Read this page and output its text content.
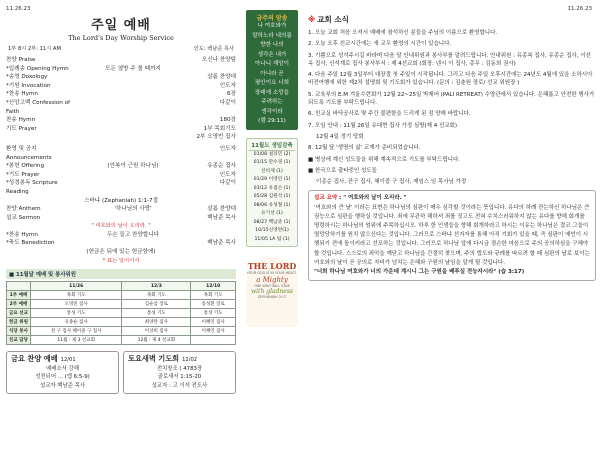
11.26.23
주일 예배
The Lord's Day Worship Service
1부 8시 2부: 11시 AM	인도: 백남준 목사
찬양 Praise	오신나 찬양팀
*입례송 Opening Hymn	모든 열방 주 볼 때까지
*송영 Doxology	살롬 찬양대
*기원 Invocation	인도자
*찬송 Hymn	6장
*신앙고백 Confession of Faith
다같이
찬송 Hymn	180장
기도 Prayer	1부 목회기도
2부 오영빈 집사
환영 및 공지 Announcements
인도자
*봉헌 Offering	(안복이 근원 하나님)	유종순 집사
*기도 Prayer	인도자
*성경봉독 Scripture Reading
다같이
스바냐 (Zephaniah) 1:1-7절
찬양 Anthem	'하나님의 사랑'	살롬 찬양대
설교 Sermon	백남준 목사
" 여호와의 날이 오리라. "
*찬송 Hymn	두손 들고 찬양합니다
*축도 Benediction	백남준 목사
(헌금은 뒤에 있는 헌금함에)
* 표는 일어서서
■ 11월달 예배 및 봉사위원
	11/26	12/3	12/10
1부 예배	목회 기도	목회 기도	목회 기도
2부 예배	오영빈 집사	김순삼 장로	송성환 장로
금요 선교	통성 기도	통성 기도	통성 기도
헌금 위원	유종순 집사	최양란 집사	이혜연 집사
식당 봉사	전 구 집사 혜이즐 구 집사	이상희 집사	이혜연 집사
친교 담당	11월 : 제 3 선교회	12월 : 제 4 선교회	
금요 찬양 예배 12/01
예배소서 강해
성전되어 ... (엡 6:5-9)
설교자 백남준 목사
토요새벽 기도회 12/02
전치창조 ( 4783장
골로새서 1:15-20
설교자 : 고 이석 전도사
금주의 암송

나 여호와가
말하노라 내의롭
향한 나의
생각은 내가
아나니 재앙이
아니라 곧
평안이요 너희
장래에 소망을
주려하는
생각이라

(렘 29:11)

11월도 생일감축
01/08 설리민 (2)
01/15 만수경 (1)
신비제 (1)
01/29 이영린 (1)
03/12 유점손 (1)
05/28 김원석 (1)
08/06 유성철 (1)
유기선 (1)
08/27 백남준 (1)
10/15신영란(1)
11/05 LA 팀 (1)
THE LORD
YOUR GOD IS IN YOUR MIDST,
a Mighty
ONE WHO WILL SAVE
with gladness
ZEPHANIAH 3:17
11.26.23
※ 교회 소식
1. 오늘 교회 처음 오셔서 예배에 참석하신 분들을 주님의 이름으로 환영합니다.
2. 오늘 오후 친교시간에는 새 교우 환영의 시간이 있습니다.
3. 기쁨으로 성겨주시길 바라며 다음 달 안내위원과 봉사부를 알려드립니다. 안내위원 : 유종복 집사, 유종순 집사, 이선옥 집사, 신석계로 집사 봉사부서 : 제 4선교회 (회장: 넨시 이 집사, 총무 : 김동희 권사)
4. 다음 주일 12월 3일부터 대장절 첫 주일이 시작됩니다. 그리고 다음 주일 오후시간에는 24년도 4월에 있을 소하시아 비전여행에 위한 제2차 설명회 및 기도회가 있습니다. (문의 : 김춘원 장로/ 선교 위원장 )
5. 교육부의 E.M 겨울수련회가 12월 22~25일 박제어 (PALI RETREAT) 수양관에서 있습니다. 은혜롭고 안전한 행사가 되도록 기도를 부탁드립니다.
6. 친교실 바닥공사로 몇 주간 불편함을 드리게 된 점 양해 바랍니다.
7. 모임 안내 : 11월 26일 유대현 집사 가정 심방(제 4 선교회)
12월 4일 정기 당회
8. 12월 달 '생명의 삶' 교재가 준비되었습니다.
■ 병상에 계신 성도들을 위해 계속적으로 기도를 부탁드립니다.
■ 한국으로 출타중인 성도들
이종순 집사, 잔구 집사, 혜이즐 구 집사, 제임스 임 목사님 가정
설교 요약 : " 여호와의 날이 오리라. "
'여호와의 큰 날' 이라는 표현은 하나님의 심판이 매우 심각할 것이라는 뜻입니다. 유다의 하례 잔는하신 하나님은 큰 권능으로 심판을 행하실 것입니다. 죄에 무관하 해하셔 죄를 짓고도 전혀 수치스러워하지 않는 유다를 향해 회개를 명령하시는 하나님의 엄위에 주목하십시오. 하루 한 인생들을 향해 회개하라고 하시는 이유는 하나님은 결코 그들이 멸망당하기를 원치 않으신다는 것입니다. 그러므로 스바냐 선지자를 통해 아직 기회가 있을 때, 즉 심판이 예언이 시행되기 전에 돌이키라고 선포하는 것입니다. 그러므로 하나님 앞에 다시금 겸손한 마음으로 주의 공의하심을 구해야 할 것입니다. 스스로의 죄악을 깨닫고 하나님을 간절히 찾으며, 주의 법도와 규례를 따르려 할 때 심판의 날로 보이는 여호와의 날이 곧 공의로 자비가 넘치는 은혜와 구원의 날임을 알게 될 것입니다.
"너희 하나님 여호와가 너의 가운데 계시니 그는 구원을 베푸실 전능자시라" (습 3:17)
